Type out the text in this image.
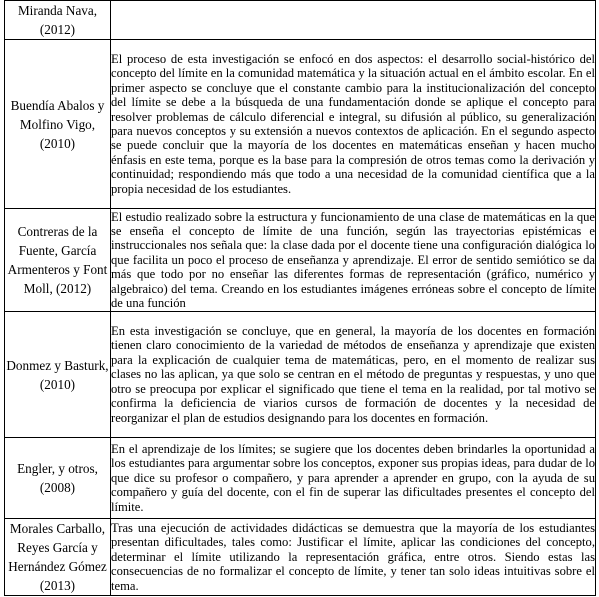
Miranda Nava, (2012)	
Buendía Abalos y Molfino Vigo, (2010)	El proceso de esta investigación se enfocó en dos aspectos: el desarrollo social-histórico del concepto del límite en la comunidad matemática y la situación actual en el ámbito escolar. En el primer aspecto se concluye que el constante cambio para la institucionalización del concepto del límite se debe a la búsqueda de una fundamentación donde se aplique el concepto para resolver problemas de cálculo diferencial e integral, su difusión al público, su generalización para nuevos conceptos y su extensión a nuevos contextos de aplicación. En el segundo aspecto se puede concluir que la mayoría de los docentes en matemáticas enseñan y hacen mucho énfasis en este tema, porque es la base para la compresión de otros temas como la derivación y continuidad; respondiendo más que todo a una necesidad de la comunidad científica que a la propia necesidad de los estudiantes.
Contreras de la Fuente, García Armenteros y Font Moll, (2012)	El estudio realizado sobre la estructura y funcionamiento de una clase de matemáticas en la que se enseña el concepto de límite de una función, según las trayectorias epistémicas e instruccionales nos señala que: la clase dada por el docente tiene una configuración dialógica lo que facilita un poco el proceso de enseñanza y aprendizaje. El error de sentido semiótico se da más que todo por no enseñar las diferentes formas de representación (gráfico, numérico y algebraico) del tema. Creando en los estudiantes imágenes erróneas sobre el concepto de límite de una función
Donmez y Basturk, (2010)	En esta investigación se concluye, que en general, la mayoría de los docentes en formación tienen claro conocimiento de la variedad de métodos de enseñanza y aprendizaje que existen para la explicación de cualquier tema de matemáticas, pero, en el momento de realizar sus clases no las aplican, ya que solo se centran en el método de preguntas y respuestas, y uno que otro se preocupa por explicar el significado que tiene el tema en la realidad, por tal motivo se confirma la deficiencia de viarios cursos de formación de docentes y la necesidad de reorganizar el plan de estudios designando para los docentes en formación.
Engler, y otros, (2008)	En el aprendizaje de los límites; se sugiere que los docentes deben brindarles la oportunidad a los estudiantes para argumentar sobre los conceptos, exponer sus propias ideas, para dudar de lo que dice su profesor o compañero, y para aprender a aprender en grupo, con la ayuda de su compañero y guía del docente, con el fin de superar las dificultades presentes el concepto del límite.
Morales Carballo, Reyes García y Hernández Gómez (2013)	Tras una ejecución de actividades didácticas se demuestra que la mayoría de los estudiantes presentan dificultades, tales como: Justificar el límite, aplicar las condiciones del concepto, determinar el límite utilizando la representación gráfica, entre otros. Siendo estas las consecuencias de no formalizar el concepto de límite, y tener tan solo ideas intuitivas sobre el tema.
